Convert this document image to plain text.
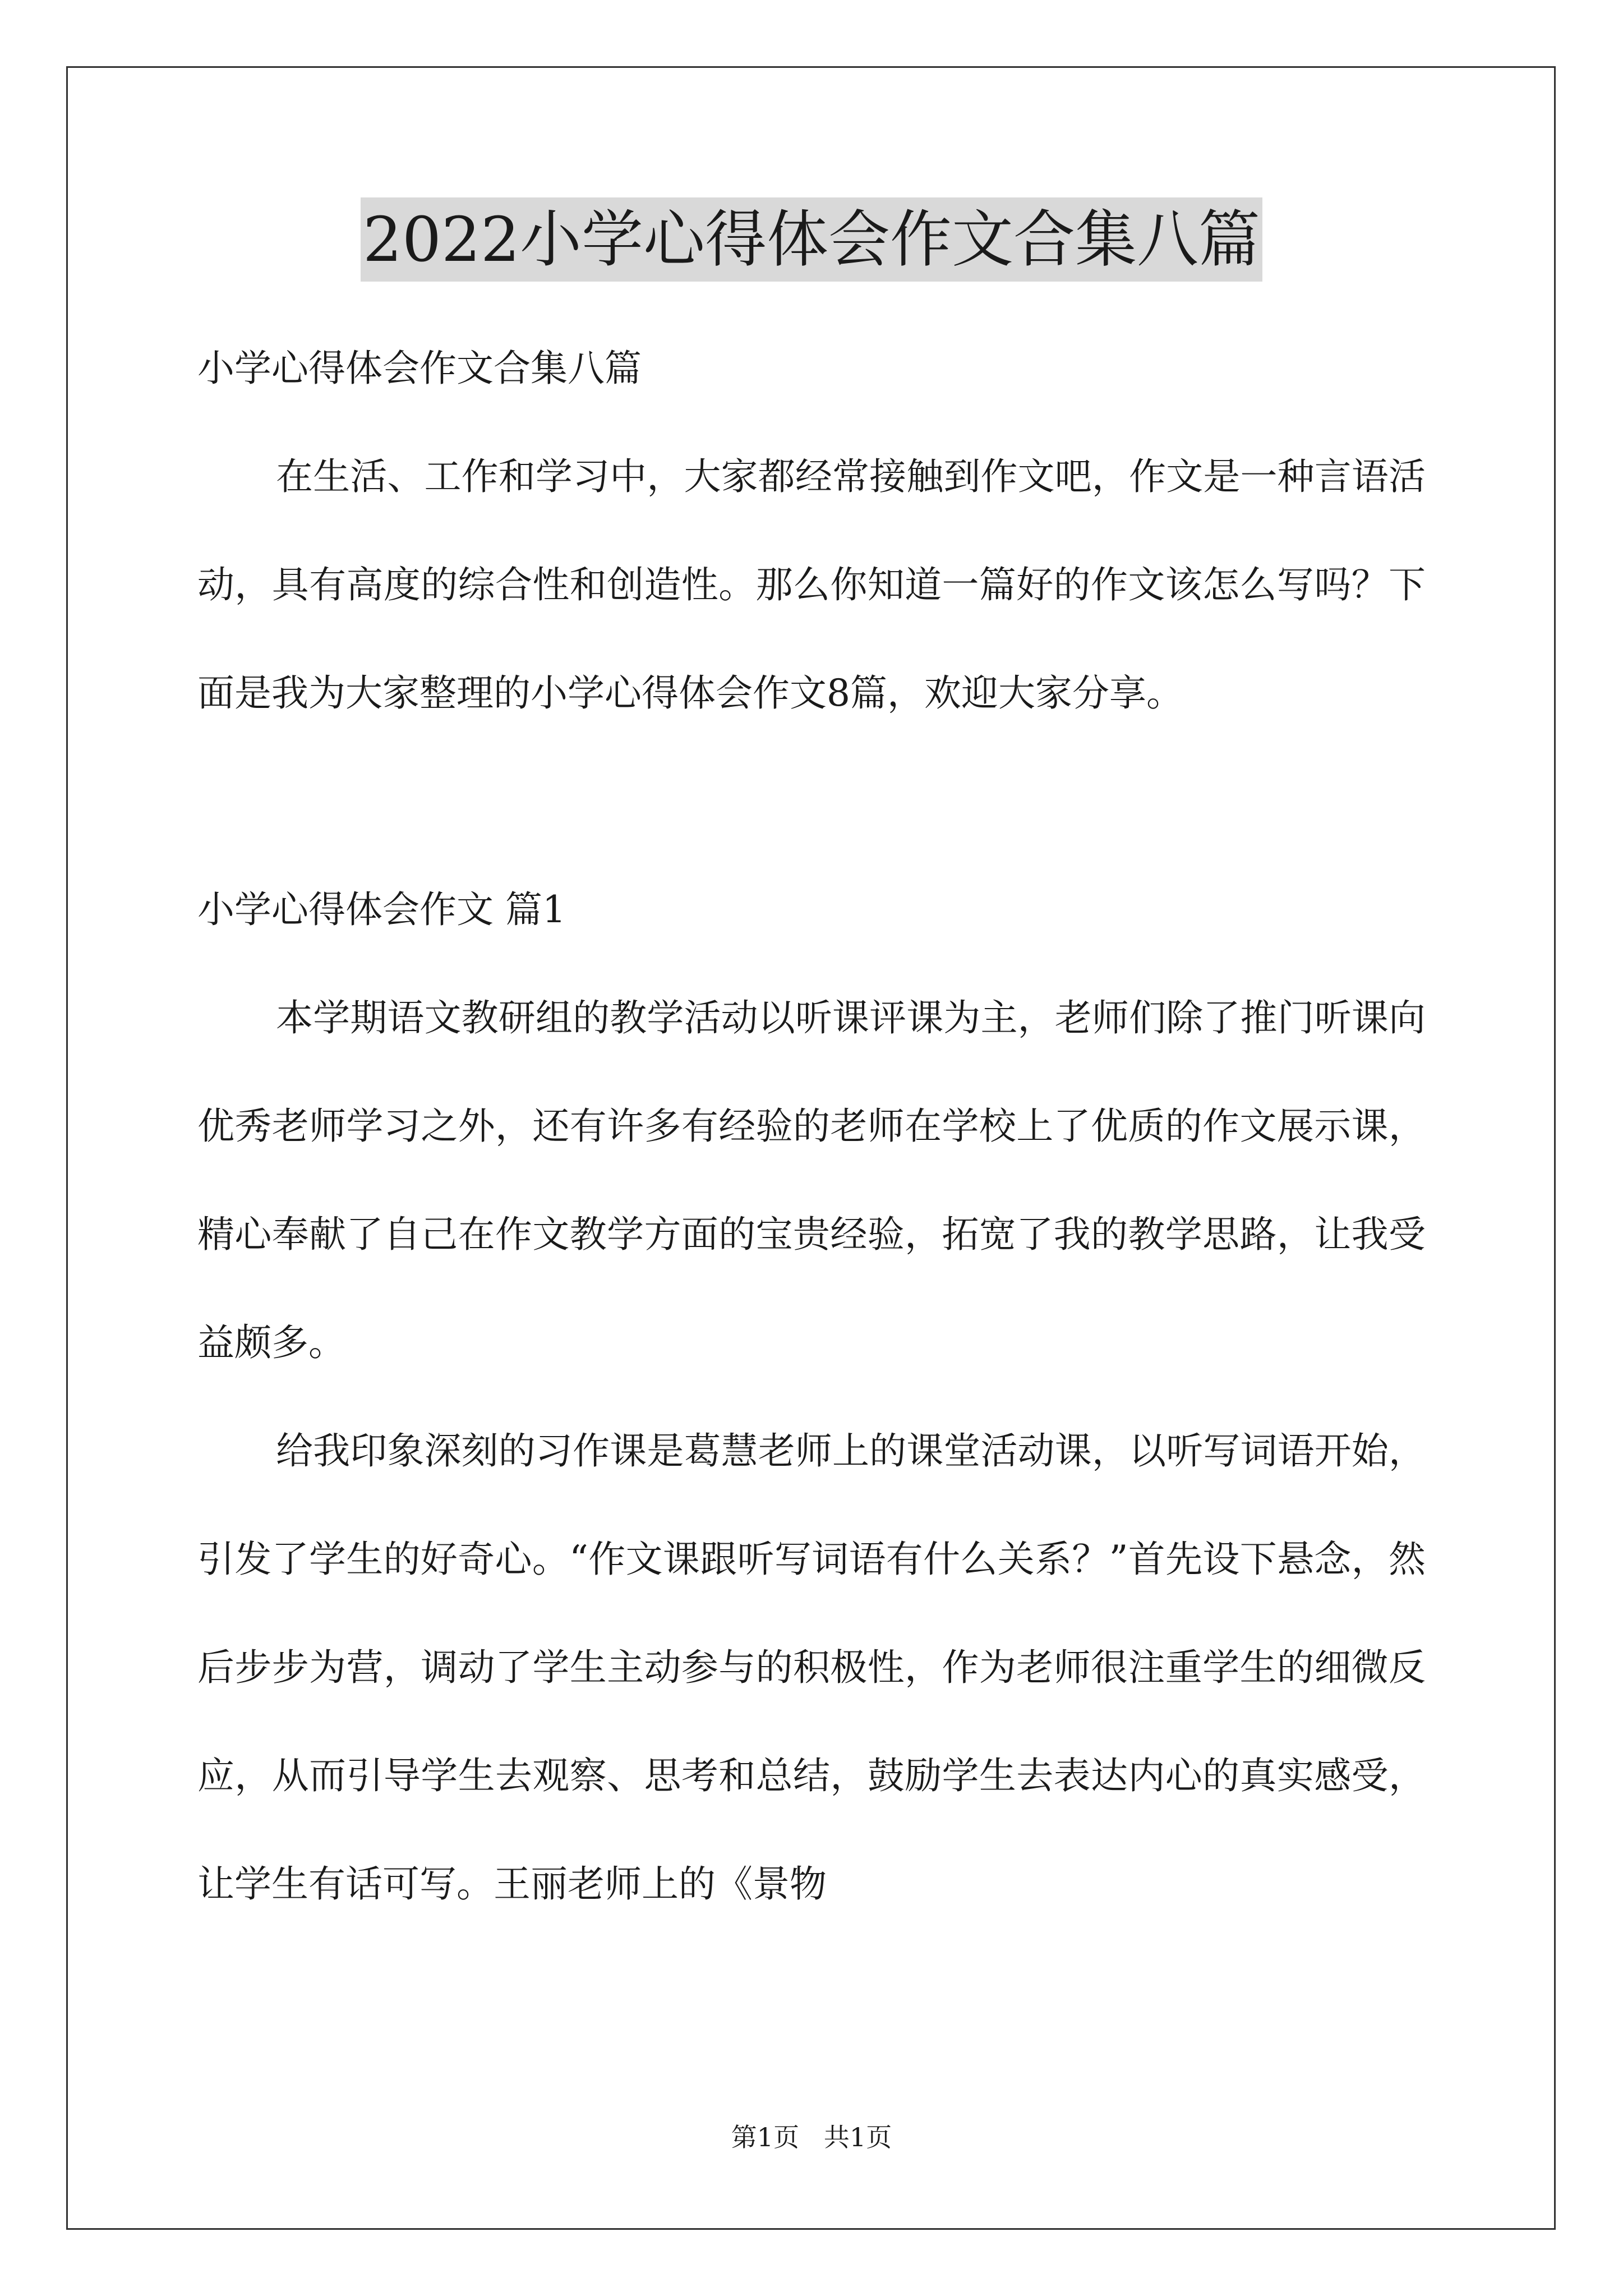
2022小学心得体会作文合集八篇

小学心得体会作文合集八篇

在生活、工作和学习中，大家都经常接触到作文吧，作文是一种言语活动，具有高度的综合性和创造性。那么你知道一篇好的作文该怎么写吗？下面是我为大家整理的小学心得体会作文8篇，欢迎大家分享。

小学心得体会作文 篇1

本学期语文教研组的教学活动以听课评课为主，老师们除了推门听课向优秀老师学习之外，还有许多有经验的老师在学校上了优质的作文展示课，精心奉献了自己在作文教学方面的宝贵经验，拓宽了我的教学思路，让我受益颇多。

给我印象深刻的习作课是葛慧老师上的课堂活动课，以听写词语开始，引发了学生的好奇心。“作文课跟听写词语有什么关系？”首先设下悬念，然后步步为营，调动了学生主动参与的积极性，作为老师很注重学生的细微反应，从而引导学生去观察、思考和总结，鼓励学生去表达内心的真实感受，让学生有话可写。王丽老师上的《景物

第1页   共1页
